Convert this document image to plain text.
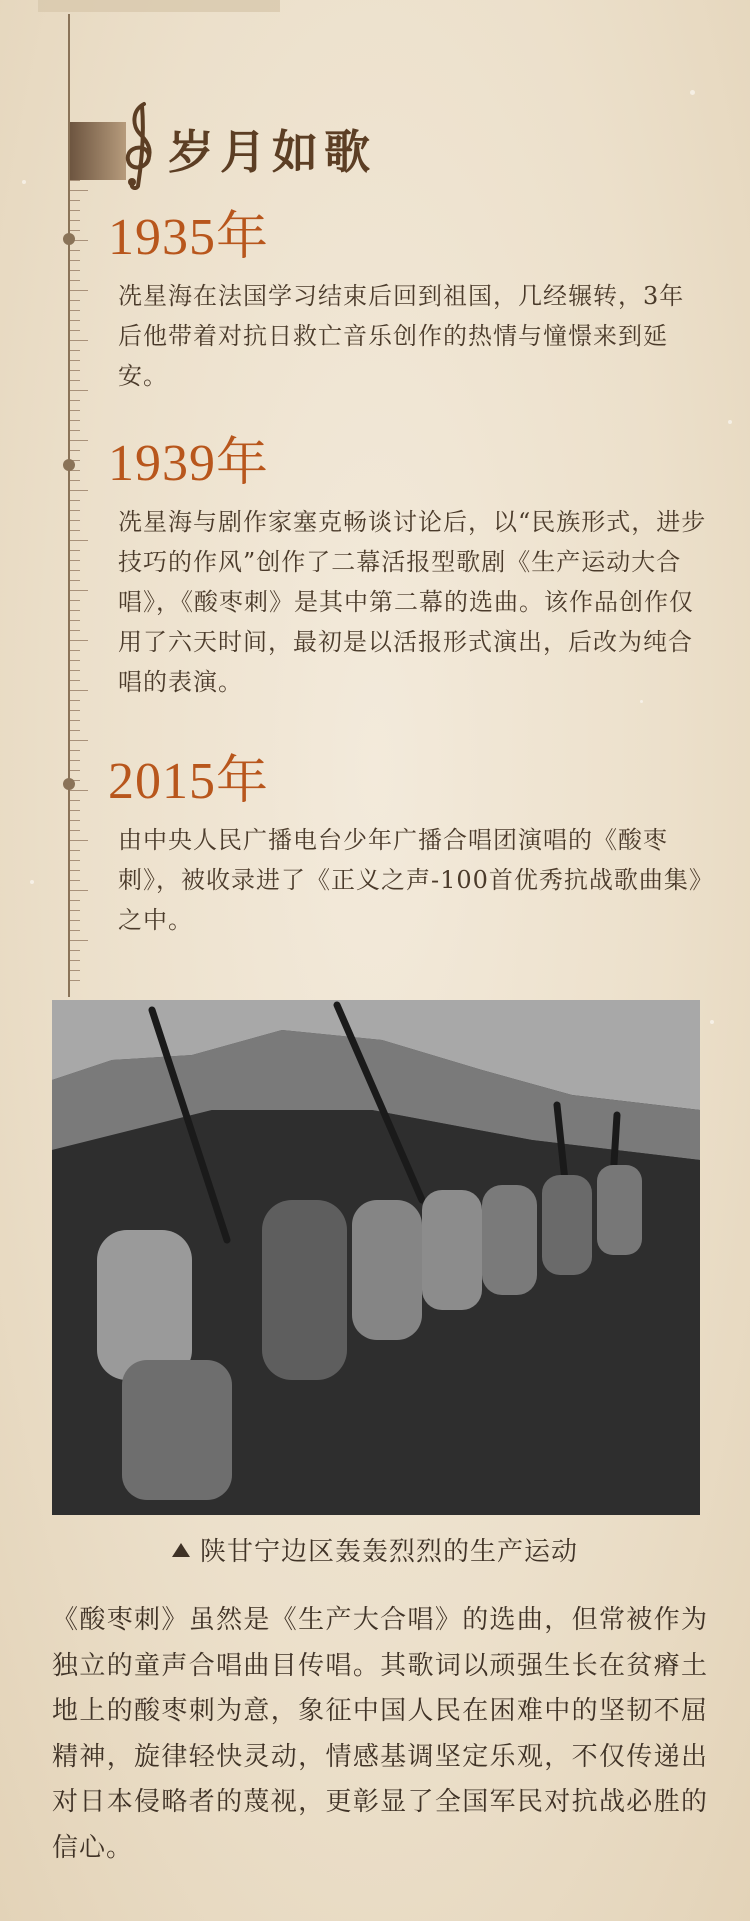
岁月如歌
1935年
冼星海在法国学习结束后回到祖国，几经辗转，3年后他带着对抗日救亡音乐创作的热情与憧憬来到延安。
1939年
冼星海与剧作家塞克畅谈讨论后，以“民族形式，进步技巧的作风”创作了二幕活报型歌剧《生产运动大合唱》，《酸枣刺》是其中第二幕的选曲。该作品创作仅用了六天时间，最初是以活报形式演出，后改为纯合唱的表演。
2015年
由中央人民广播电台少年广播合唱团演唱的《酸枣刺》，被收录进了《正义之声-100首优秀抗战歌曲集》之中。
陕甘宁边区轰轰烈烈的生产运动
《酸枣刺》虽然是《生产大合唱》的选曲，但常被作为独立的童声合唱曲目传唱。其歌词以顽强生长在贫瘠土地上的酸枣刺为意，象征中国人民在困难中的坚韧不屈精神，旋律轻快灵动，情感基调坚定乐观，不仅传递出对日本侵略者的蔑视，更彰显了全国军民对抗战必胜的信心。
